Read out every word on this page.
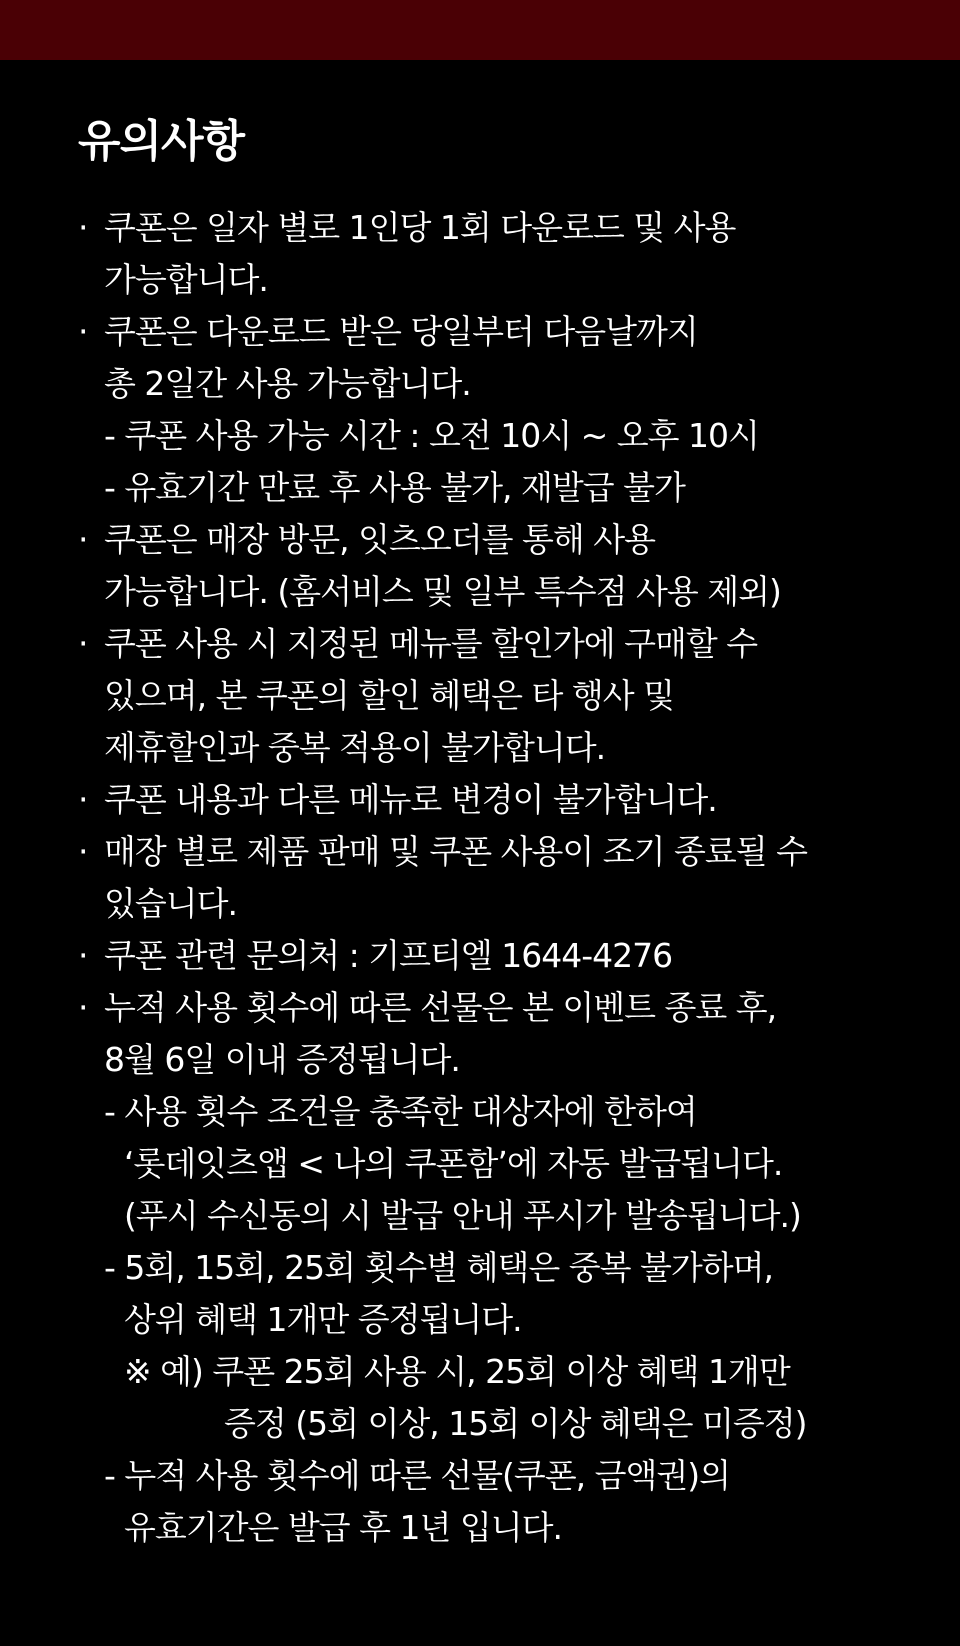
유의사항
· 쿠폰은 일자 별로 1인당 1회 다운로드 및 사용
가능합니다.
· 쿠폰은 다운로드 받은 당일부터 다음날까지
총 2일간 사용 가능합니다.
- 쿠폰 사용 가능 시간 : 오전 10시 ~ 오후 10시
- 유효기간 만료 후 사용 불가, 재발급 불가
· 쿠폰은 매장 방문, 잇츠오더를 통해 사용
가능합니다. (홈서비스 및 일부 특수점 사용 제외)
· 쿠폰 사용 시 지정된 메뉴를 할인가에 구매할 수
있으며, 본 쿠폰의 할인 혜택은 타 행사 및
제휴할인과 중복 적용이 불가합니다.
· 쿠폰 내용과 다른 메뉴로 변경이 불가합니다.
· 매장 별로 제품 판매 및 쿠폰 사용이 조기 종료될 수
있습니다.
· 쿠폰 관련 문의처 : 기프티엘 1644-4276
· 누적 사용 횟수에 따른 선물은 본 이벤트 종료 후,
8월 6일 이내 증정됩니다.
- 사용 횟수 조건을 충족한 대상자에 한하여
‘롯데잇츠앱 < 나의 쿠폰함’에 자동 발급됩니다.
(푸시 수신동의 시 발급 안내 푸시가 발송됩니다.)
- 5회, 15회, 25회 횟수별 혜택은 중복 불가하며,
상위 혜택 1개만 증정됩니다.
※ 예) 쿠폰 25회 사용 시, 25회 이상 혜택 1개만
증정 (5회 이상, 15회 이상 혜택은 미증정)
- 누적 사용 횟수에 따른 선물(쿠폰, 금액권)의
유효기간은 발급 후 1년 입니다.
